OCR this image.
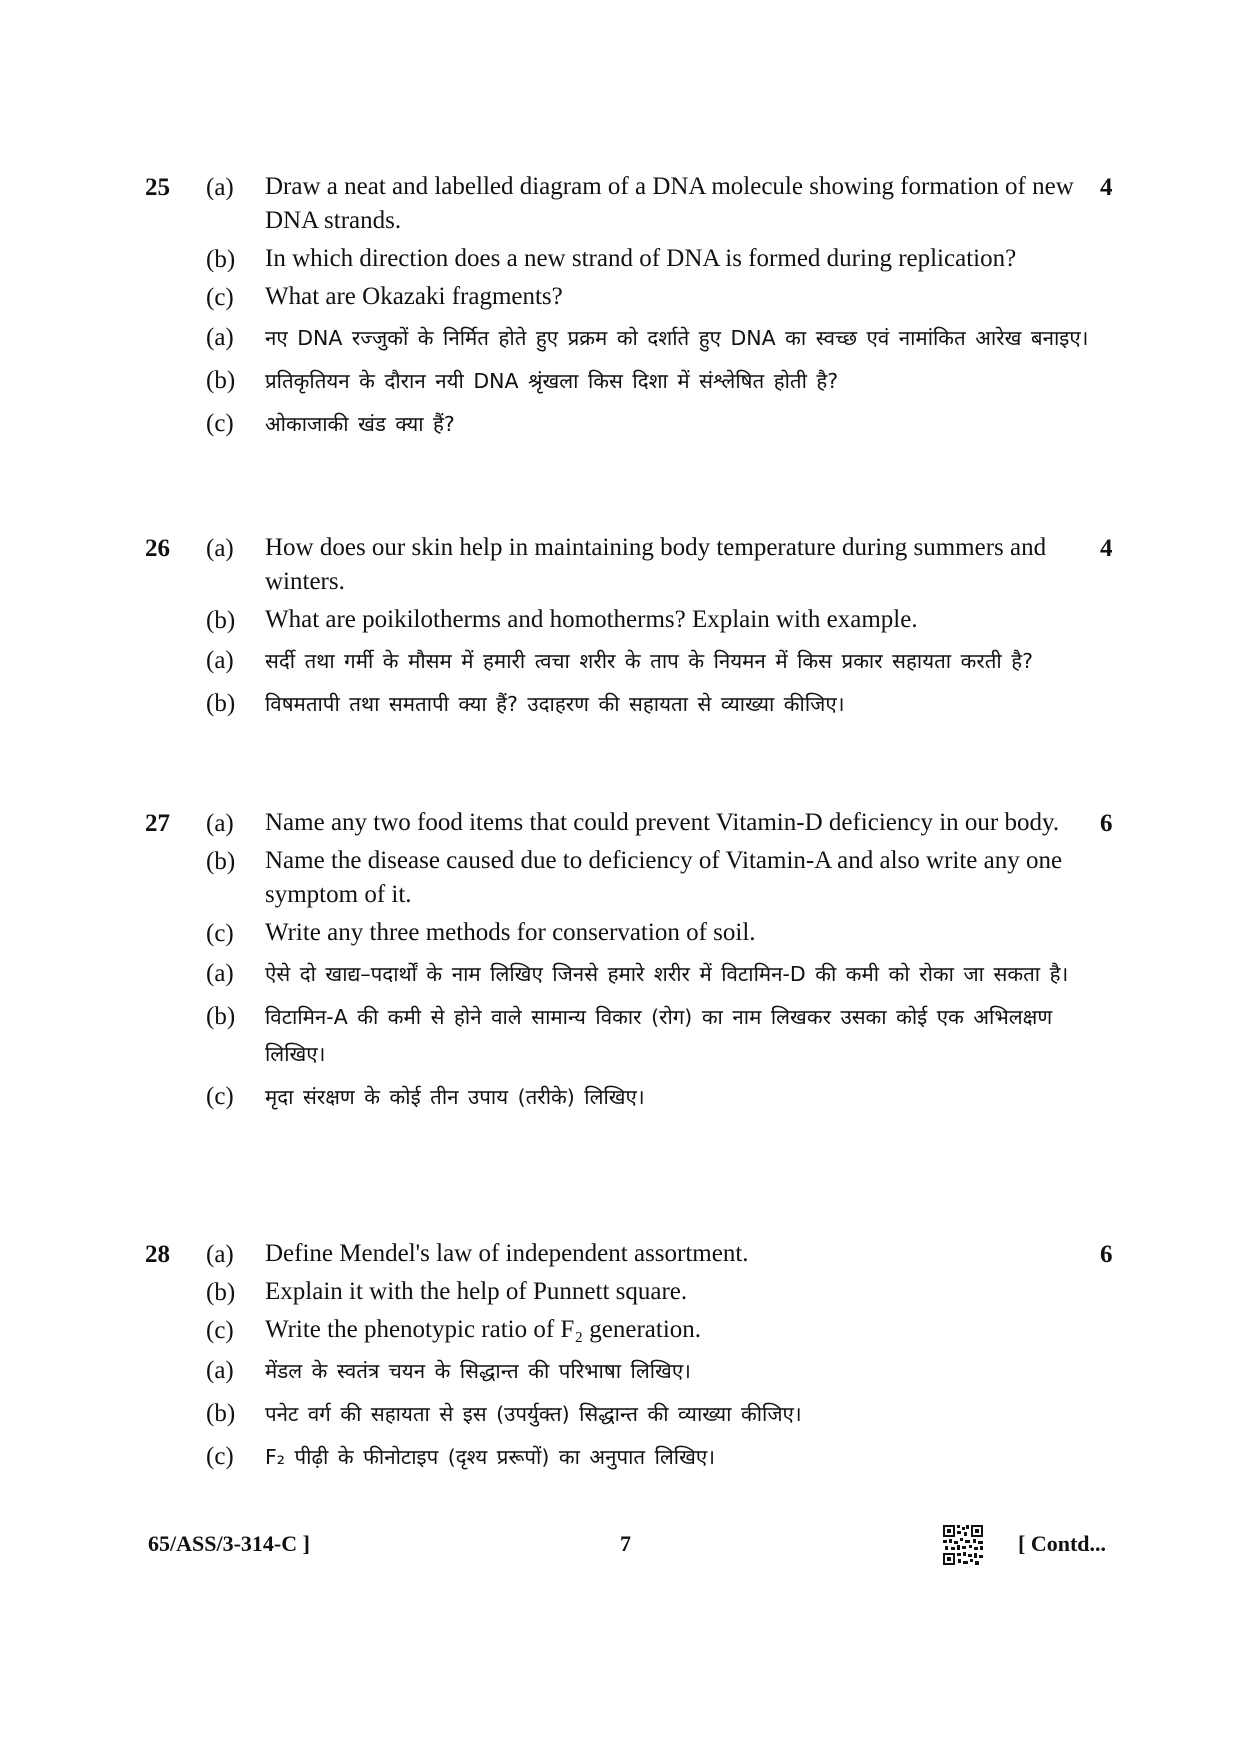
25	4
(a) Draw a neat and labelled diagram of a DNA molecule showing formation of new DNA strands.
(b) In which direction does a new strand of DNA is formed during replication?
(c) What are Okazaki fragments?
(a) नए DNA रज्जुकों के निर्मित होते हुए प्रक्रम को दर्शाते हुए DNA का स्वच्छ एवं नामांकित आरेख बनाइए।
(b) प्रतिकृतियन के दौरान नयी DNA श्रृंखला किस दिशा में संश्लेषित होती है?
(c) ओकाजाकी खंड क्या हैं?
26	4
(a) How does our skin help in maintaining body temperature during summers and winters.
(b) What are poikilotherms and homotherms? Explain with example.
(a) सर्दी तथा गर्मी के मौसम में हमारी त्वचा शरीर के ताप के नियमन में किस प्रकार सहायता करती है?
(b) विषमतापी तथा समतापी क्या हैं? उदाहरण की सहायता से व्याख्या कीजिए।
27	6
(a) Name any two food items that could prevent Vitamin-D deficiency in our body.
(b) Name the disease caused due to deficiency of Vitamin-A and also write any one symptom of it.
(c) Write any three methods for conservation of soil.
(a) ऐसे दो खाद्य–पदार्थों के नाम लिखिए जिनसे हमारे शरीर में विटामिन-D की कमी को रोका जा सकता है।
(b) विटामिन-A की कमी से होने वाले सामान्य विकार (रोग) का नाम लिखकर उसका कोई एक अभिलक्षण लिखिए।
(c) मृदा संरक्षण के कोई तीन उपाय (तरीके) लिखिए।
28	6
(a) Define Mendel's law of independent assortment.
(b) Explain it with the help of Punnett square.
(c) Write the phenotypic ratio of F₂ generation.
(a) मेंडल के स्वतंत्र चयन के सिद्धान्त की परिभाषा लिखिए।
(b) पनेट वर्ग की सहायता से इस (उपर्युक्त) सिद्धान्त की व्याख्या कीजिए।
(c) F₂ पीढ़ी के फीनोटाइप (दृश्य प्ररूपों) का अनुपात लिखिए।
65/ASS/3-314-C ]	7	[ Contd...
